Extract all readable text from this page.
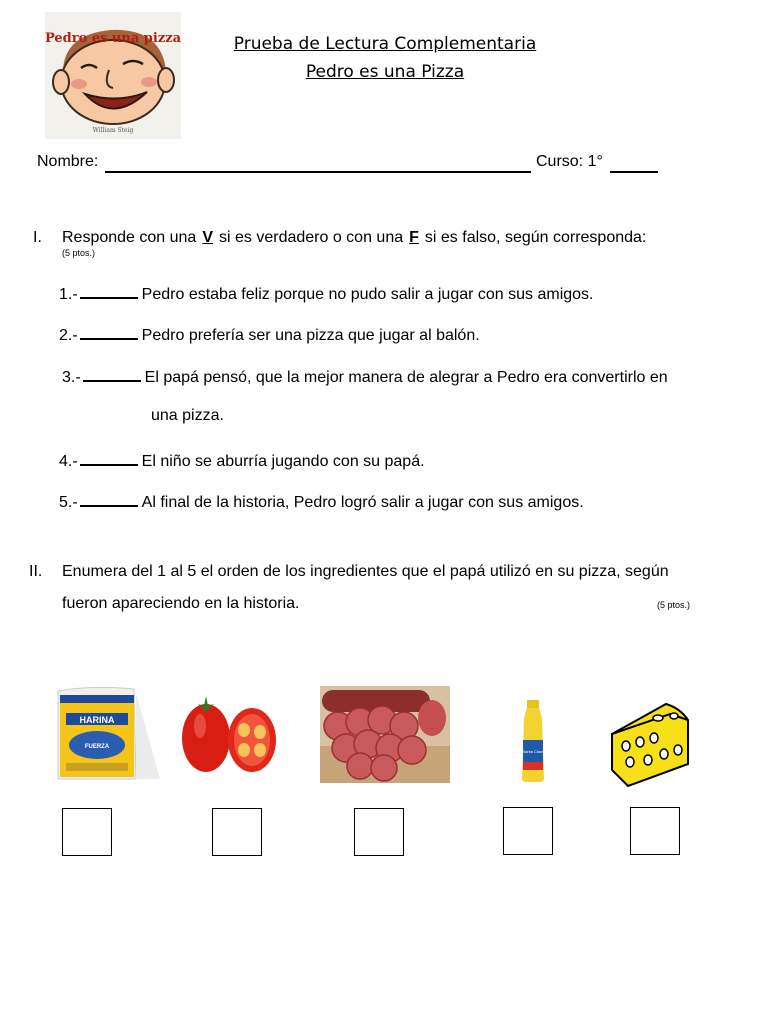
Pedro es una pizza
William Steig
Prueba de Lectura Complementaria
Pedro es una Pizza
Nombre:	Curso: 1°
I. Responde con una V si es verdadero o con una F si es falso, según corresponda:
(5 ptos.)
1.-	Pedro estaba feliz porque no pudo salir a jugar con sus amigos.
2.-	Pedro prefería ser una pizza que jugar al balón.
3.-	El papá pensó, que la mejor manera de alegrar a Pedro era convertirlo en
una pizza.
4.-	El niño se aburría jugando con su papá.
5.-	Al final de la historia, Pedro logró salir a jugar con sus amigos.
II. Enumera del 1 al 5 el orden de los ingredientes que el papá utilizó en su pizza, según
fueron apareciendo en la historia.	(5 ptos.)
HARINA
FUERZA
Santa Clara
